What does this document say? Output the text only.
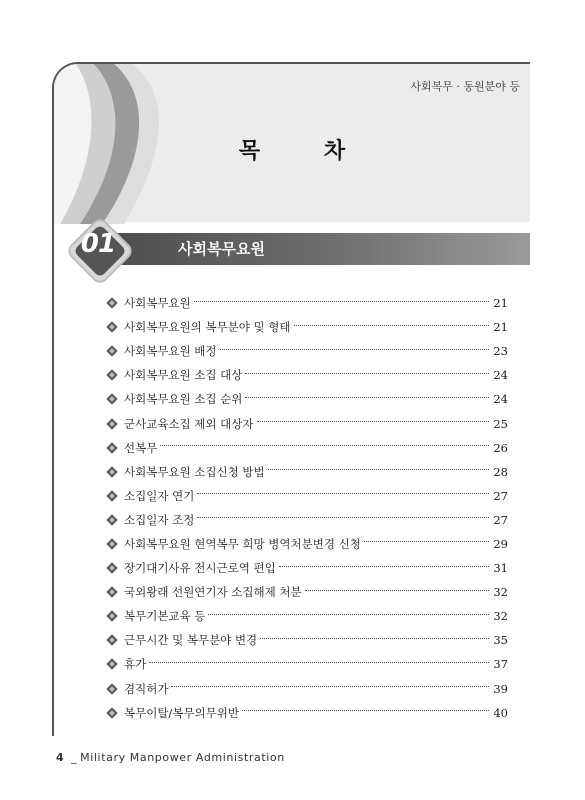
사회복무 · 동원분야 등
목 차
01	사회복무요원
사회복무요원	21
사회복무요원의 복무분야 및 형태	21
사회복무요원 배정	23
사회복무요원 소집 대상	24
사회복무요원 소집 순위	24
군사교육소집 제외 대상자	25
선복무	26
사회복무요원 소집신청 방법	28
소집일자 연기	27
소집일자 조정	27
사회복무요원 현역복무 희망 병역처분변경 신청	29
장기대기사유 전시근로역 편입	31
국외왕래 선원연기자 소집해제 처분	32
복무기본교육 등	32
근무시간 및 복무분야 변경	35
휴가	37
겸직허가	39
복무이탈/복무의무위반	40
4 _ Military Manpower Administration
